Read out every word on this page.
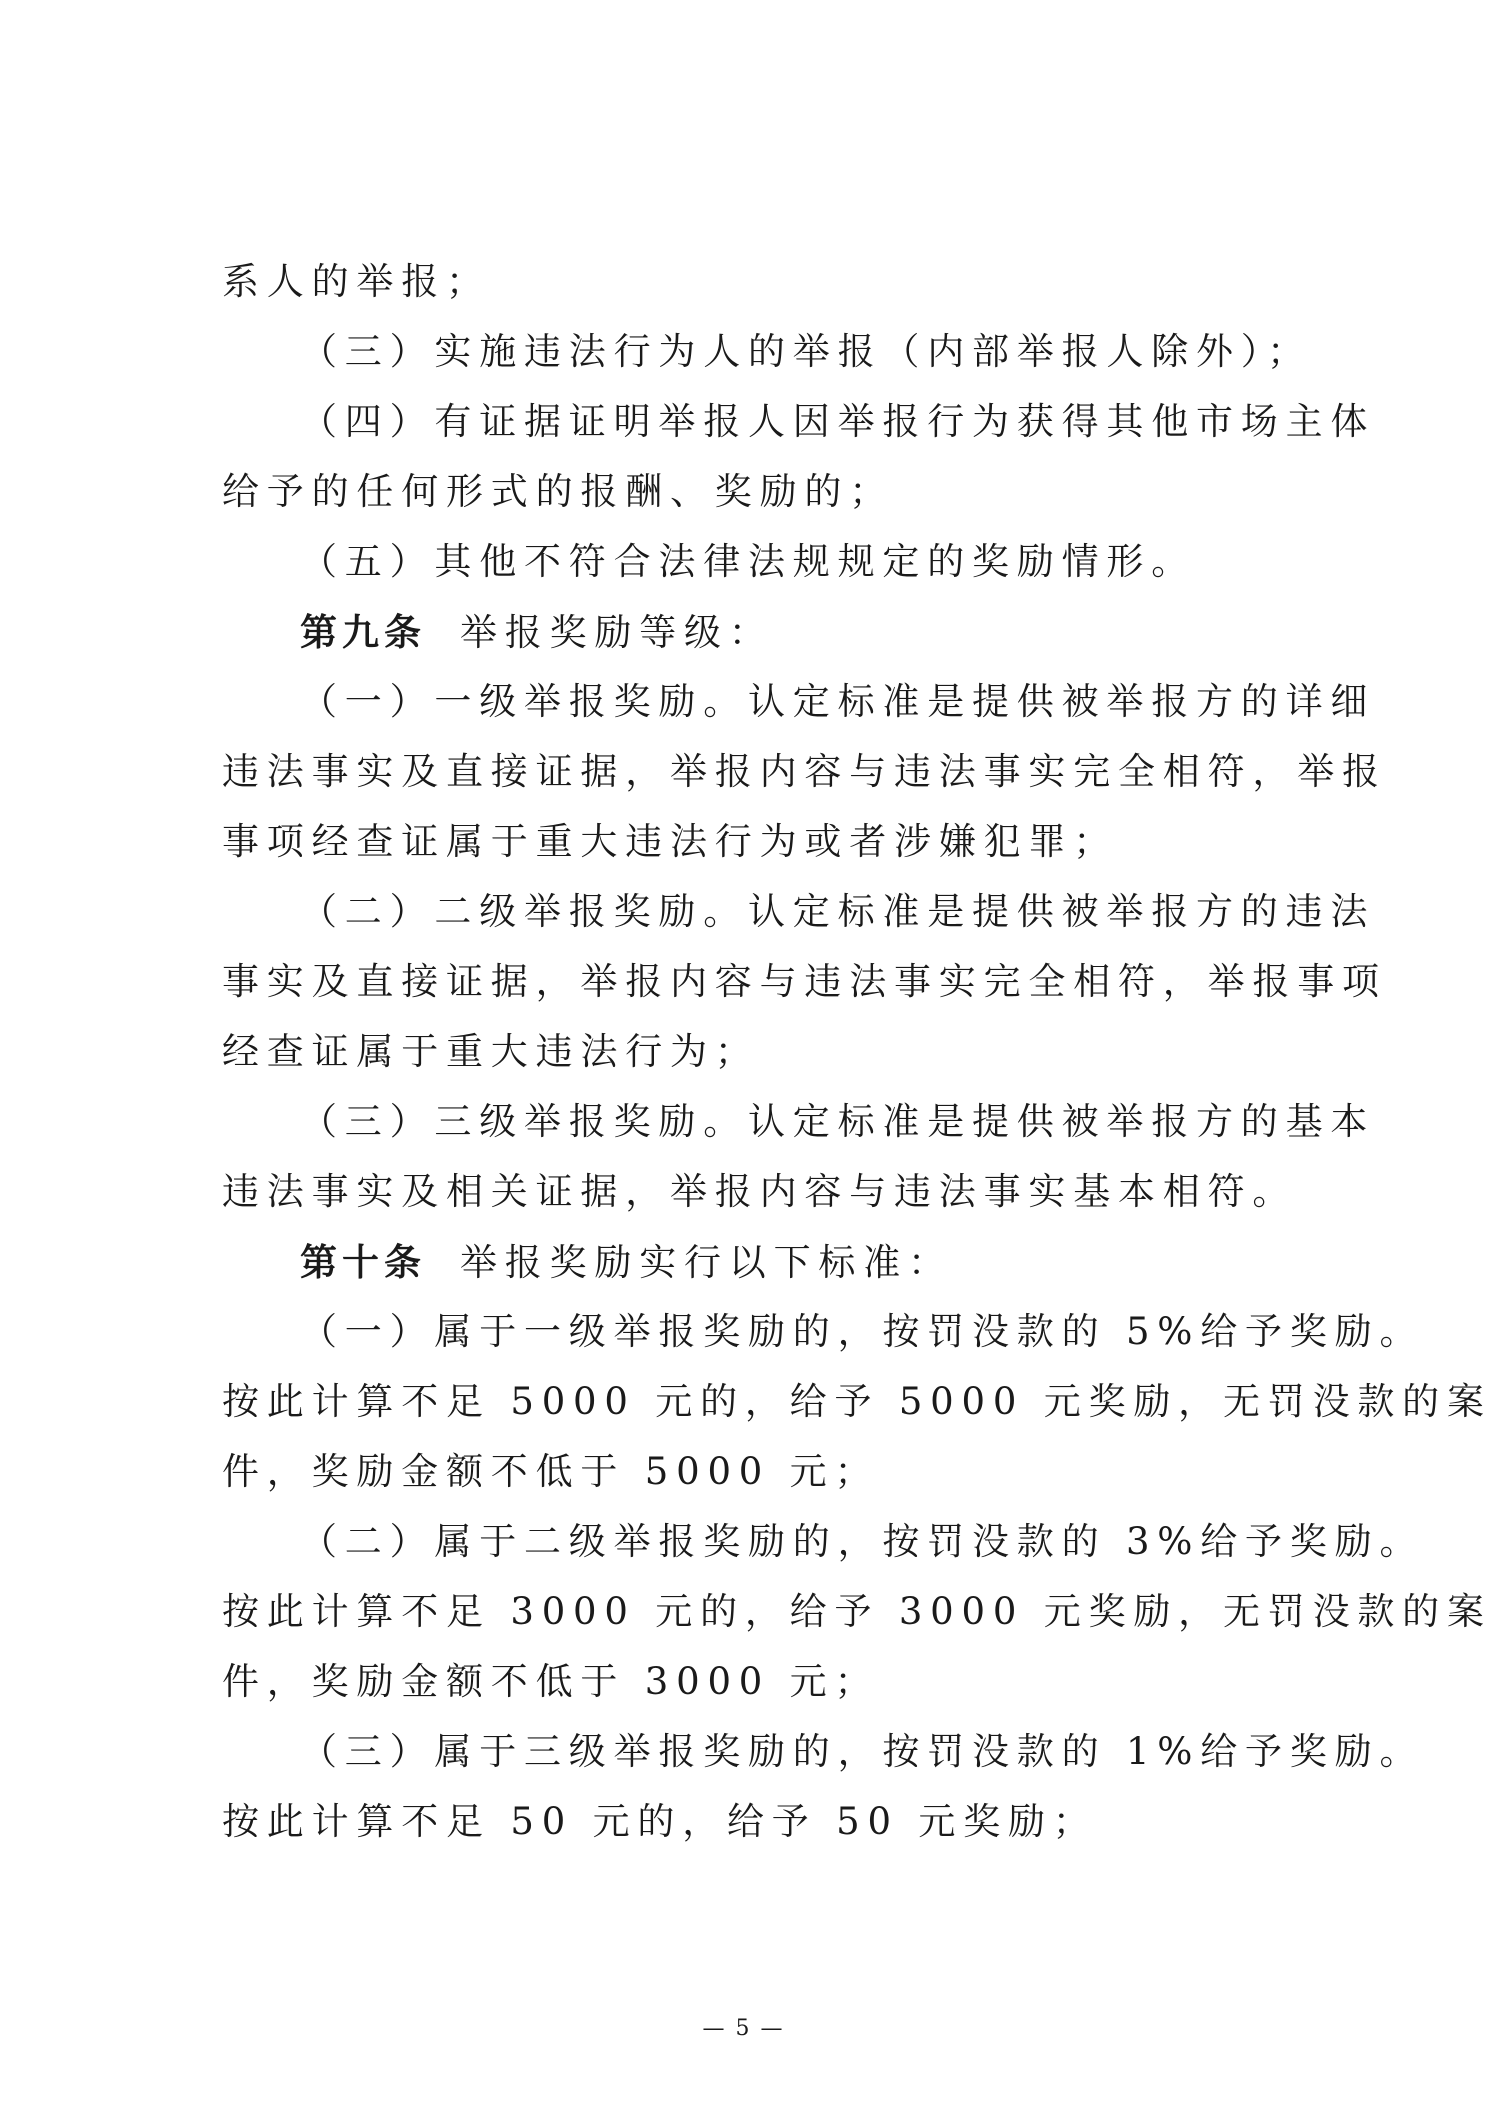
系人的举报；
（三）实施违法行为人的举报（内部举报人除外）；
（四）有证据证明举报人因举报行为获得其他市场主体
给予的任何形式的报酬、奖励的；
（五）其他不符合法律法规规定的奖励情形。
第九条 举报奖励等级：
（一）一级举报奖励。认定标准是提供被举报方的详细
违法事实及直接证据，举报内容与违法事实完全相符，举报
事项经查证属于重大违法行为或者涉嫌犯罪；
（二）二级举报奖励。认定标准是提供被举报方的违法
事实及直接证据，举报内容与违法事实完全相符，举报事项
经查证属于重大违法行为；
（三）三级举报奖励。认定标准是提供被举报方的基本
违法事实及相关证据，举报内容与违法事实基本相符。
第十条 举报奖励实行以下标准：
（一）属于一级举报奖励的，按罚没款的 5%给予奖励。
按此计算不足 5000 元的，给予 5000 元奖励，无罚没款的案
件，奖励金额不低于 5000 元；
（二）属于二级举报奖励的，按罚没款的 3%给予奖励。
按此计算不足 3000 元的，给予 3000 元奖励，无罚没款的案
件，奖励金额不低于 3000 元；
（三）属于三级举报奖励的，按罚没款的 1%给予奖励。
按此计算不足 50 元的，给予 50 元奖励；
— 5 —
